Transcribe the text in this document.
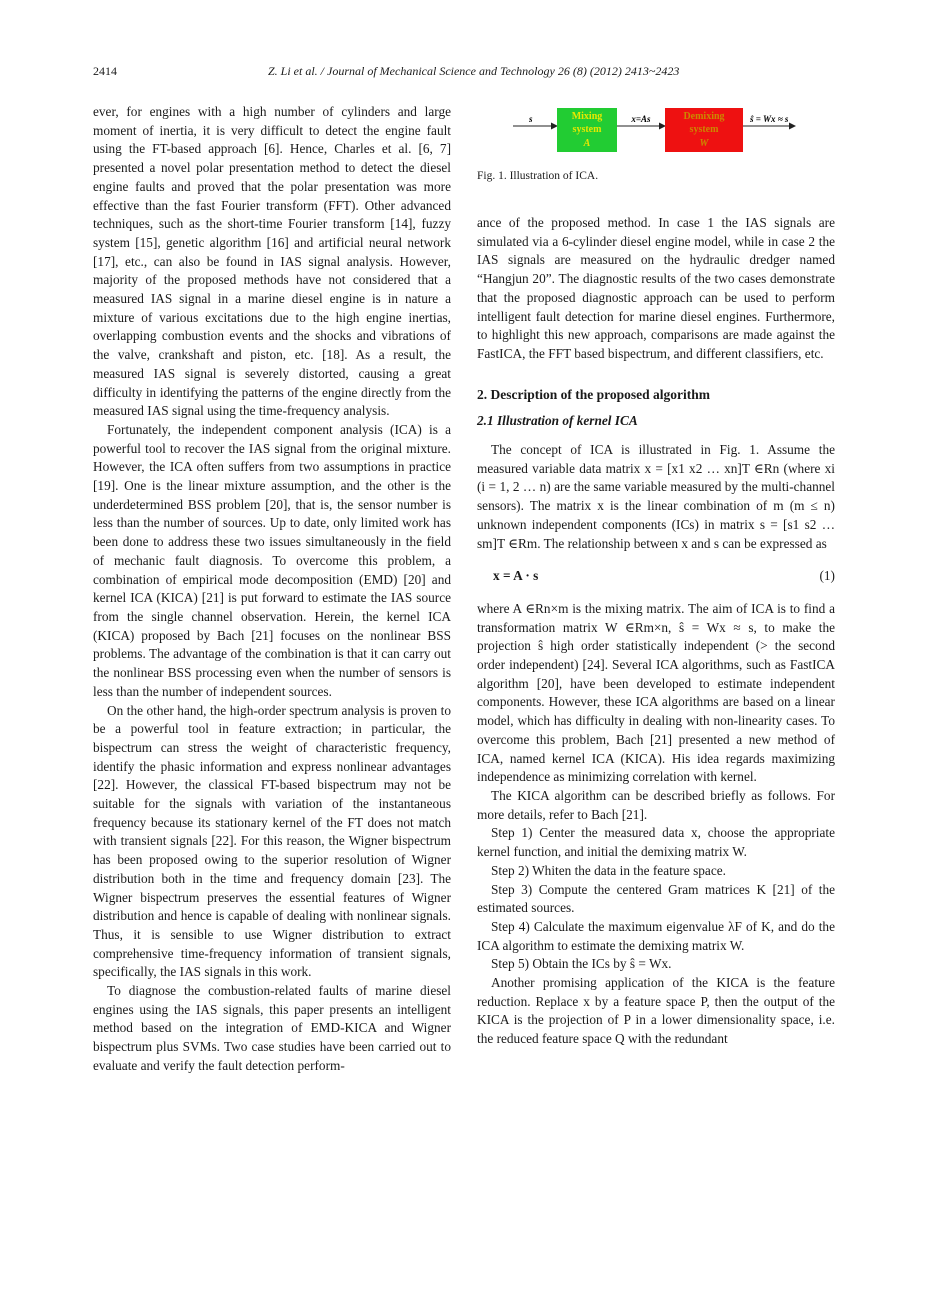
2414	Z. Li et al. / Journal of Mechanical Science and Technology 26 (8) (2012) 2413~2423

ever, for engines with a high number of cylinders and large moment of inertia, it is very difficult to detect the engine fault using the FT-based approach [6]. Hence, Charles et al. [6, 7] presented a novel polar presentation method to detect the diesel engine faults and proved that the polar presentation was more effective than the fast Fourier transform (FFT). Other advanced techniques, such as the short-time Fourier transform [14], fuzzy system [15], genetic algorithm [16] and artificial neural network [17], etc., can also be found in IAS signal analysis. However, majority of the proposed methods have not considered that a measured IAS signal in a marine diesel engine is in nature a mixture of various excitations due to the high engine inertias, overlapping combustion events and the shocks and vibrations of the valve, crankshaft and piston, etc. [18]. As a result, the measured IAS signal is severely distorted, causing a great difficulty in identifying the patterns of the engine directly from the measured IAS signal using the time-frequency analysis.

Fortunately, the independent component analysis (ICA) is a powerful tool to recover the IAS signal from the original mixture. However, the ICA often suffers from two assumptions in practice [19]. One is the linear mixture assumption, and the other is the underdetermined BSS problem [20], that is, the sensor number is less than the number of sources. Up to date, only limited work has been done to address these two issues simultaneously in the field of mechanic fault diagnosis. To overcome this problem, a combination of empirical mode decomposition (EMD) [20] and kernel ICA (KICA) [21] is put forward to estimate the IAS source from the single channel observation. Herein, the kernel ICA (KICA) proposed by Bach [21] focuses on the nonlinear BSS problems. The advantage of the combination is that it can carry out the nonlinear BSS processing even when the number of sensors is less than the number of independent sources.

On the other hand, the high-order spectrum analysis is proven to be a powerful tool in feature extraction; in particular, the bispectrum can stress the weight of characteristic frequency, identify the phasic information and express nonlinear advantages [22]. However, the classical FT-based bispectrum may not be suitable for the signals with variation of the instantaneous frequency because its stationary kernel of the FT does not match with transient signals [22]. For this reason, the Wigner bispectrum has been proposed owing to the superior resolution of Wigner distribution both in the time and frequency domain [23]. The Wigner bispectrum preserves the essential features of Wigner distribution and hence is capable of dealing with nonlinear signals. Thus, it is sensible to use Wigner distribution to extract comprehensive time-frequency information of transient signals, specifically, the IAS signals in this work.

To diagnose the combustion-related faults of marine diesel engines using the IAS signals, this paper presents an intelligent method based on the integration of EMD-KICA and Wigner bispectrum plus SVMs. Two case studies have been carried out to evaluate and verify the fault detection perform-

s	Mixing
system
A
x=As	Demixing
system
W
ŝ = Wx ≈ s
Fig. 1. Illustration of ICA.

ance of the proposed method. In case 1 the IAS signals are simulated via a 6-cylinder diesel engine model, while in case 2 the IAS signals are measured on the hydraulic dredger named “Hangjun 20”. The diagnostic results of the two cases demonstrate that the proposed diagnostic approach can be used to perform intelligent fault detection for marine diesel engines. Furthermore, to highlight this new approach, comparisons are made against the FastICA, the FFT based bispectrum, and different classifiers, etc.

2. Description of the proposed algorithm
2.1 Illustration of kernel ICA

The concept of ICA is illustrated in Fig. 1. Assume the measured variable data matrix x = [x1 x2 … xn]T ∈Rn (where xi (i = 1, 2 … n) are the same variable measured by the multi-channel sensors). The matrix x is the linear combination of m (m ≤ n) unknown independent components (ICs) in matrix s = [s1 s2 … sm]T ∈Rm. The relationship between x and s can be expressed as

x = A · s	(1)

where A ∈Rn×m is the mixing matrix. The aim of ICA is to find a transformation matrix W ∈Rm×n, ŝ = Wx ≈ s, to make the projection ŝ high order statistically independent (> the second order independent) [24]. Several ICA algorithms, such as FastICA algorithm [20], have been developed to estimate independent components. However, these ICA algorithms are based on a linear model, which has difficulty in dealing with non-linearity cases. To overcome this problem, Bach [21] presented a new method of ICA, named kernel ICA (KICA). His idea regards maximizing independence as minimizing correlation with kernel.

The KICA algorithm can be described briefly as follows. For more details, refer to Bach [21].

Step 1) Center the measured data x, choose the appropriate kernel function, and initial the demixing matrix W.

Step 2) Whiten the data in the feature space.

Step 3) Compute the centered Gram matrices K [21] of the estimated sources.

Step 4) Calculate the maximum eigenvalue λF of K, and do the ICA algorithm to estimate the demixing matrix W.

Step 5) Obtain the ICs by ŝ = Wx.

Another promising application of the KICA is the feature reduction. Replace x by a feature space P, then the output of the KICA is the projection of P in a lower dimensionality space, i.e. the reduced feature space Q with the redundant
